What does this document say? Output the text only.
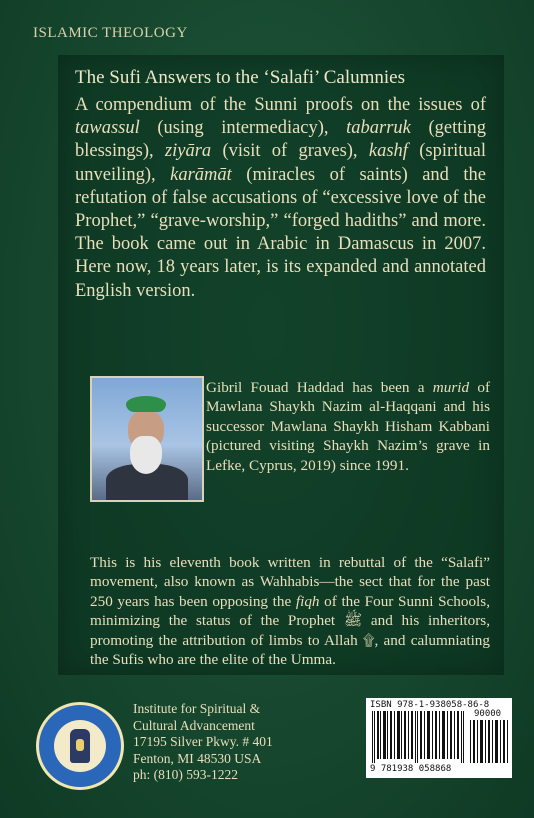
ISLAMIC THEOLOGY
The Sufi Answers to the ‘Salafi’ Calumnies
A compendium of the Sunni proofs on the issues of tawassul (using intermediacy), tabarruk (getting blessings), ziyāra (visit of graves), kashf (spiritual unveiling), karāmāt (miracles of saints) and the refutation of false accusations of “excessive love of the Prophet,” “grave-worship,” “forged hadiths” and more. The book came out in Arabic in Damascus in 2007. Here now, 18 years later, is its expanded and annotated English version.
Gibril Fouad Haddad has been a murid of Mawlana Shaykh Nazim al-Haqqani and his successor Mawlana Shaykh Hisham Kabbani (pictured visiting Shaykh Nazim’s grave in Lefke, Cyprus, 2019) since 1991.
This is his eleventh book written in rebuttal of the “Salafi” movement, also known as Wahhabis—the sect that for the past 250 years has been opposing the fiqh of the Four Sunni Schools, minimizing the status of the Prophet ﷺ and his inheritors, promoting the attribution of limbs to Allah ۩, and calumniating the Sufis who are the elite of the Umma.
Institute for Spiritual &
Cultural Advancement
17195 Silver Pkwy. # 401
Fenton, MI 48530 USA
ph: (810) 593-1222
ISBN 978-1-938058-86-8
90000
9 781938 058868
